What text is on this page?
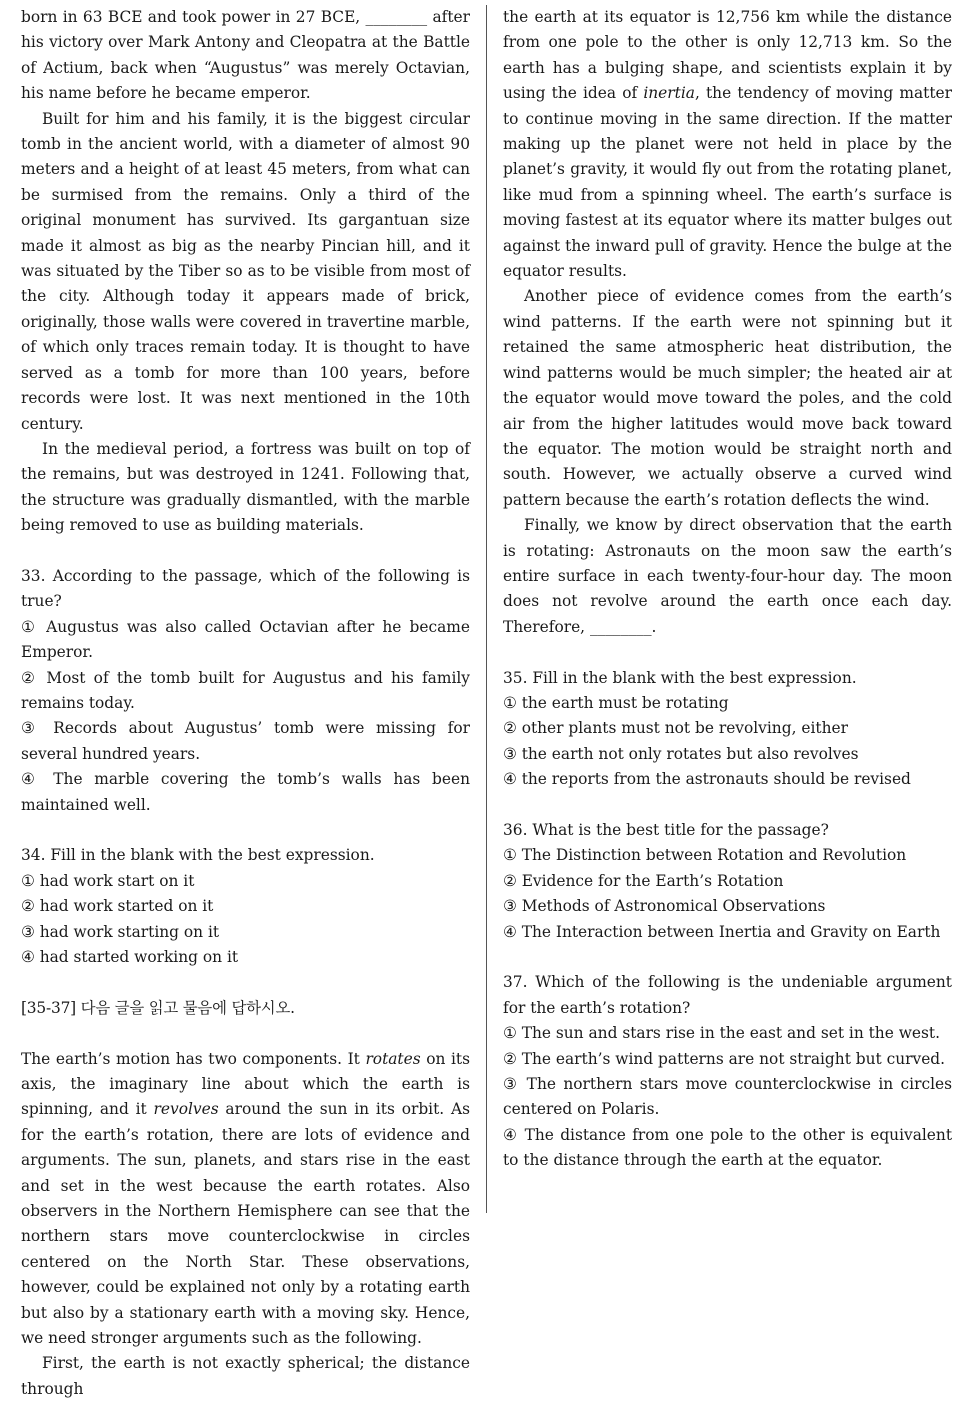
born in 63 BCE and took power in 27 BCE, ________ after his victory over Mark Antony and Cleopatra at the Battle of Actium, back when “Augustus” was merely Octavian, his name before he became emperor.

Built for him and his family, it is the biggest circular tomb in the ancient world, with a diameter of almost 90 meters and a height of at least 45 meters, from what can be surmised from the remains. Only a third of the original monument has survived. Its gargantuan size made it almost as big as the nearby Pincian hill, and it was situated by the Tiber so as to be visible from most of the city. Although today it appears made of brick, originally, those walls were covered in travertine marble, of which only traces remain today. It is thought to have served as a tomb for more than 100 years, before records were lost. It was next mentioned in the 10th century.

In the medieval period, a fortress was built on top of the remains, but was destroyed in 1241. Following that, the structure was gradually dismantled, with the marble being removed to use as building materials.

33. According to the passage, which of the following is true?

① Augustus was also called Octavian after he became Emperor.

② Most of the tomb built for Augustus and his family remains today.

③ Records about Augustus’ tomb were missing for several hundred years.

④ The marble covering the tomb’s walls has been maintained well.

34. Fill in the blank with the best expression.

① had work start on it

② had work started on it

③ had work starting on it

④ had started working on it

[35-37] 다음 글을 읽고 물음에 답하시오.

The earth’s motion has two components. It rotates on its axis, the imaginary line about which the earth is spinning, and it revolves around the sun in its orbit. As for the earth’s rotation, there are lots of evidence and arguments. The sun, planets, and stars rise in the east and set in the west because the earth rotates. Also observers in the Northern Hemisphere can see that the northern stars move counterclockwise in circles centered on the North Star. These observations, however, could be explained not only by a rotating earth but also by a stationary earth with a moving sky. Hence, we need stronger arguments such as the following.

First, the earth is not exactly spherical; the distance through

the earth at its equator is 12,756 km while the distance from one pole to the other is only 12,713 km. So the earth has a bulging shape, and scientists explain it by using the idea of inertia, the tendency of moving matter to continue moving in the same direction. If the matter making up the planet were not held in place by the planet’s gravity, it would fly out from the rotating planet, like mud from a spinning wheel. The earth’s surface is moving fastest at its equator where its matter bulges out against the inward pull of gravity. Hence the bulge at the equator results.

Another piece of evidence comes from the earth’s wind patterns. If the earth were not spinning but it retained the same atmospheric heat distribution, the wind patterns would be much simpler; the heated air at the equator would move toward the poles, and the cold air from the higher latitudes would move back toward the equator. The motion would be straight north and south. However, we actually observe a curved wind pattern because the earth’s rotation deflects the wind.

Finally, we know by direct observation that the earth is rotating: Astronauts on the moon saw the earth’s entire surface in each twenty-four-hour day. The moon does not revolve around the earth once each day. Therefore, ________.

35. Fill in the blank with the best expression.

① the earth must be rotating

② other plants must not be revolving, either

③ the earth not only rotates but also revolves

④ the reports from the astronauts should be revised

36. What is the best title for the passage?

① The Distinction between Rotation and Revolution

② Evidence for the Earth’s Rotation

③ Methods of Astronomical Observations

④ The Interaction between Inertia and Gravity on Earth

37. Which of the following is the undeniable argument for the earth’s rotation?

① The sun and stars rise in the east and set in the west.

② The earth’s wind patterns are not straight but curved.

③ The northern stars move counterclockwise in circles centered on Polaris.

④ The distance from one pole to the other is equivalent to the distance through the earth at the equator.
